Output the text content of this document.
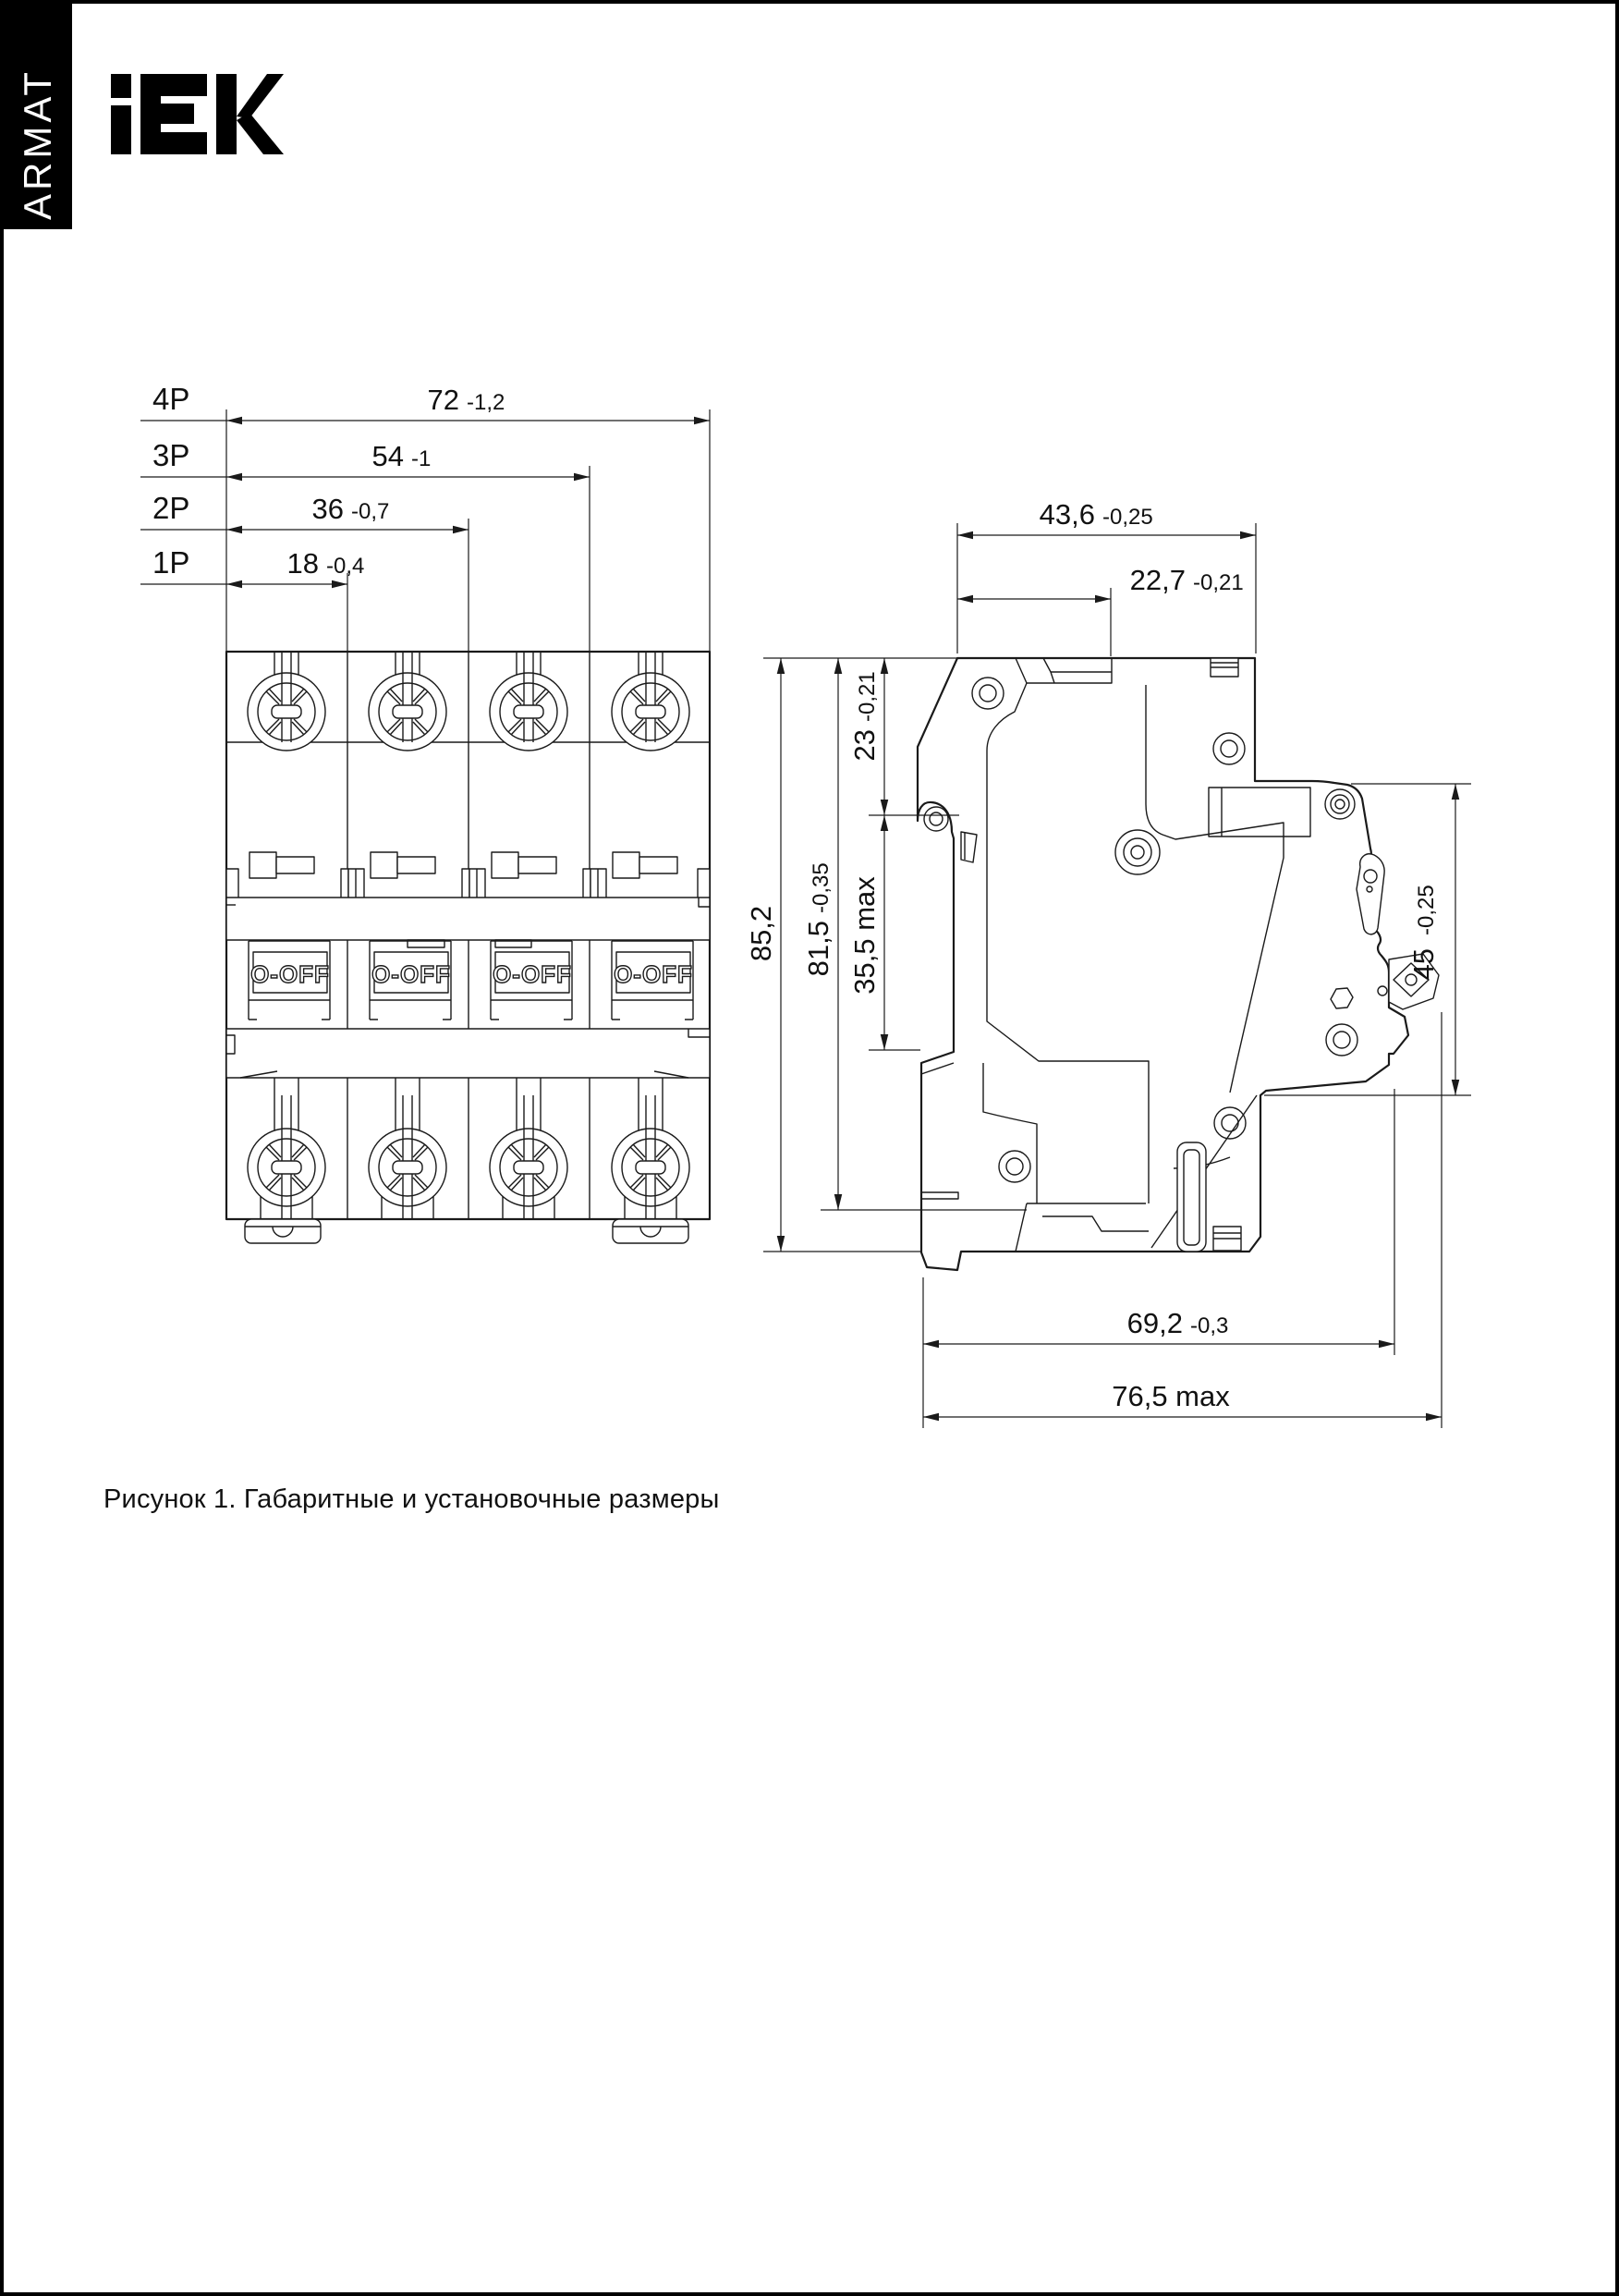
ARMAT
O-OFF O-OFF O-OFF O-OFF
4P	72 -1,2
3P	54 -1
2P	36 -0,7
1P	18 -0,4
43,6 -0,25
22,7 -0,21
23
-0,21
35,5 max
81,5
-0,35
85,2
45
-0,25
69,2 -0,3
76,5 max
Рисунок 1. Габаритные и установочные размеры
